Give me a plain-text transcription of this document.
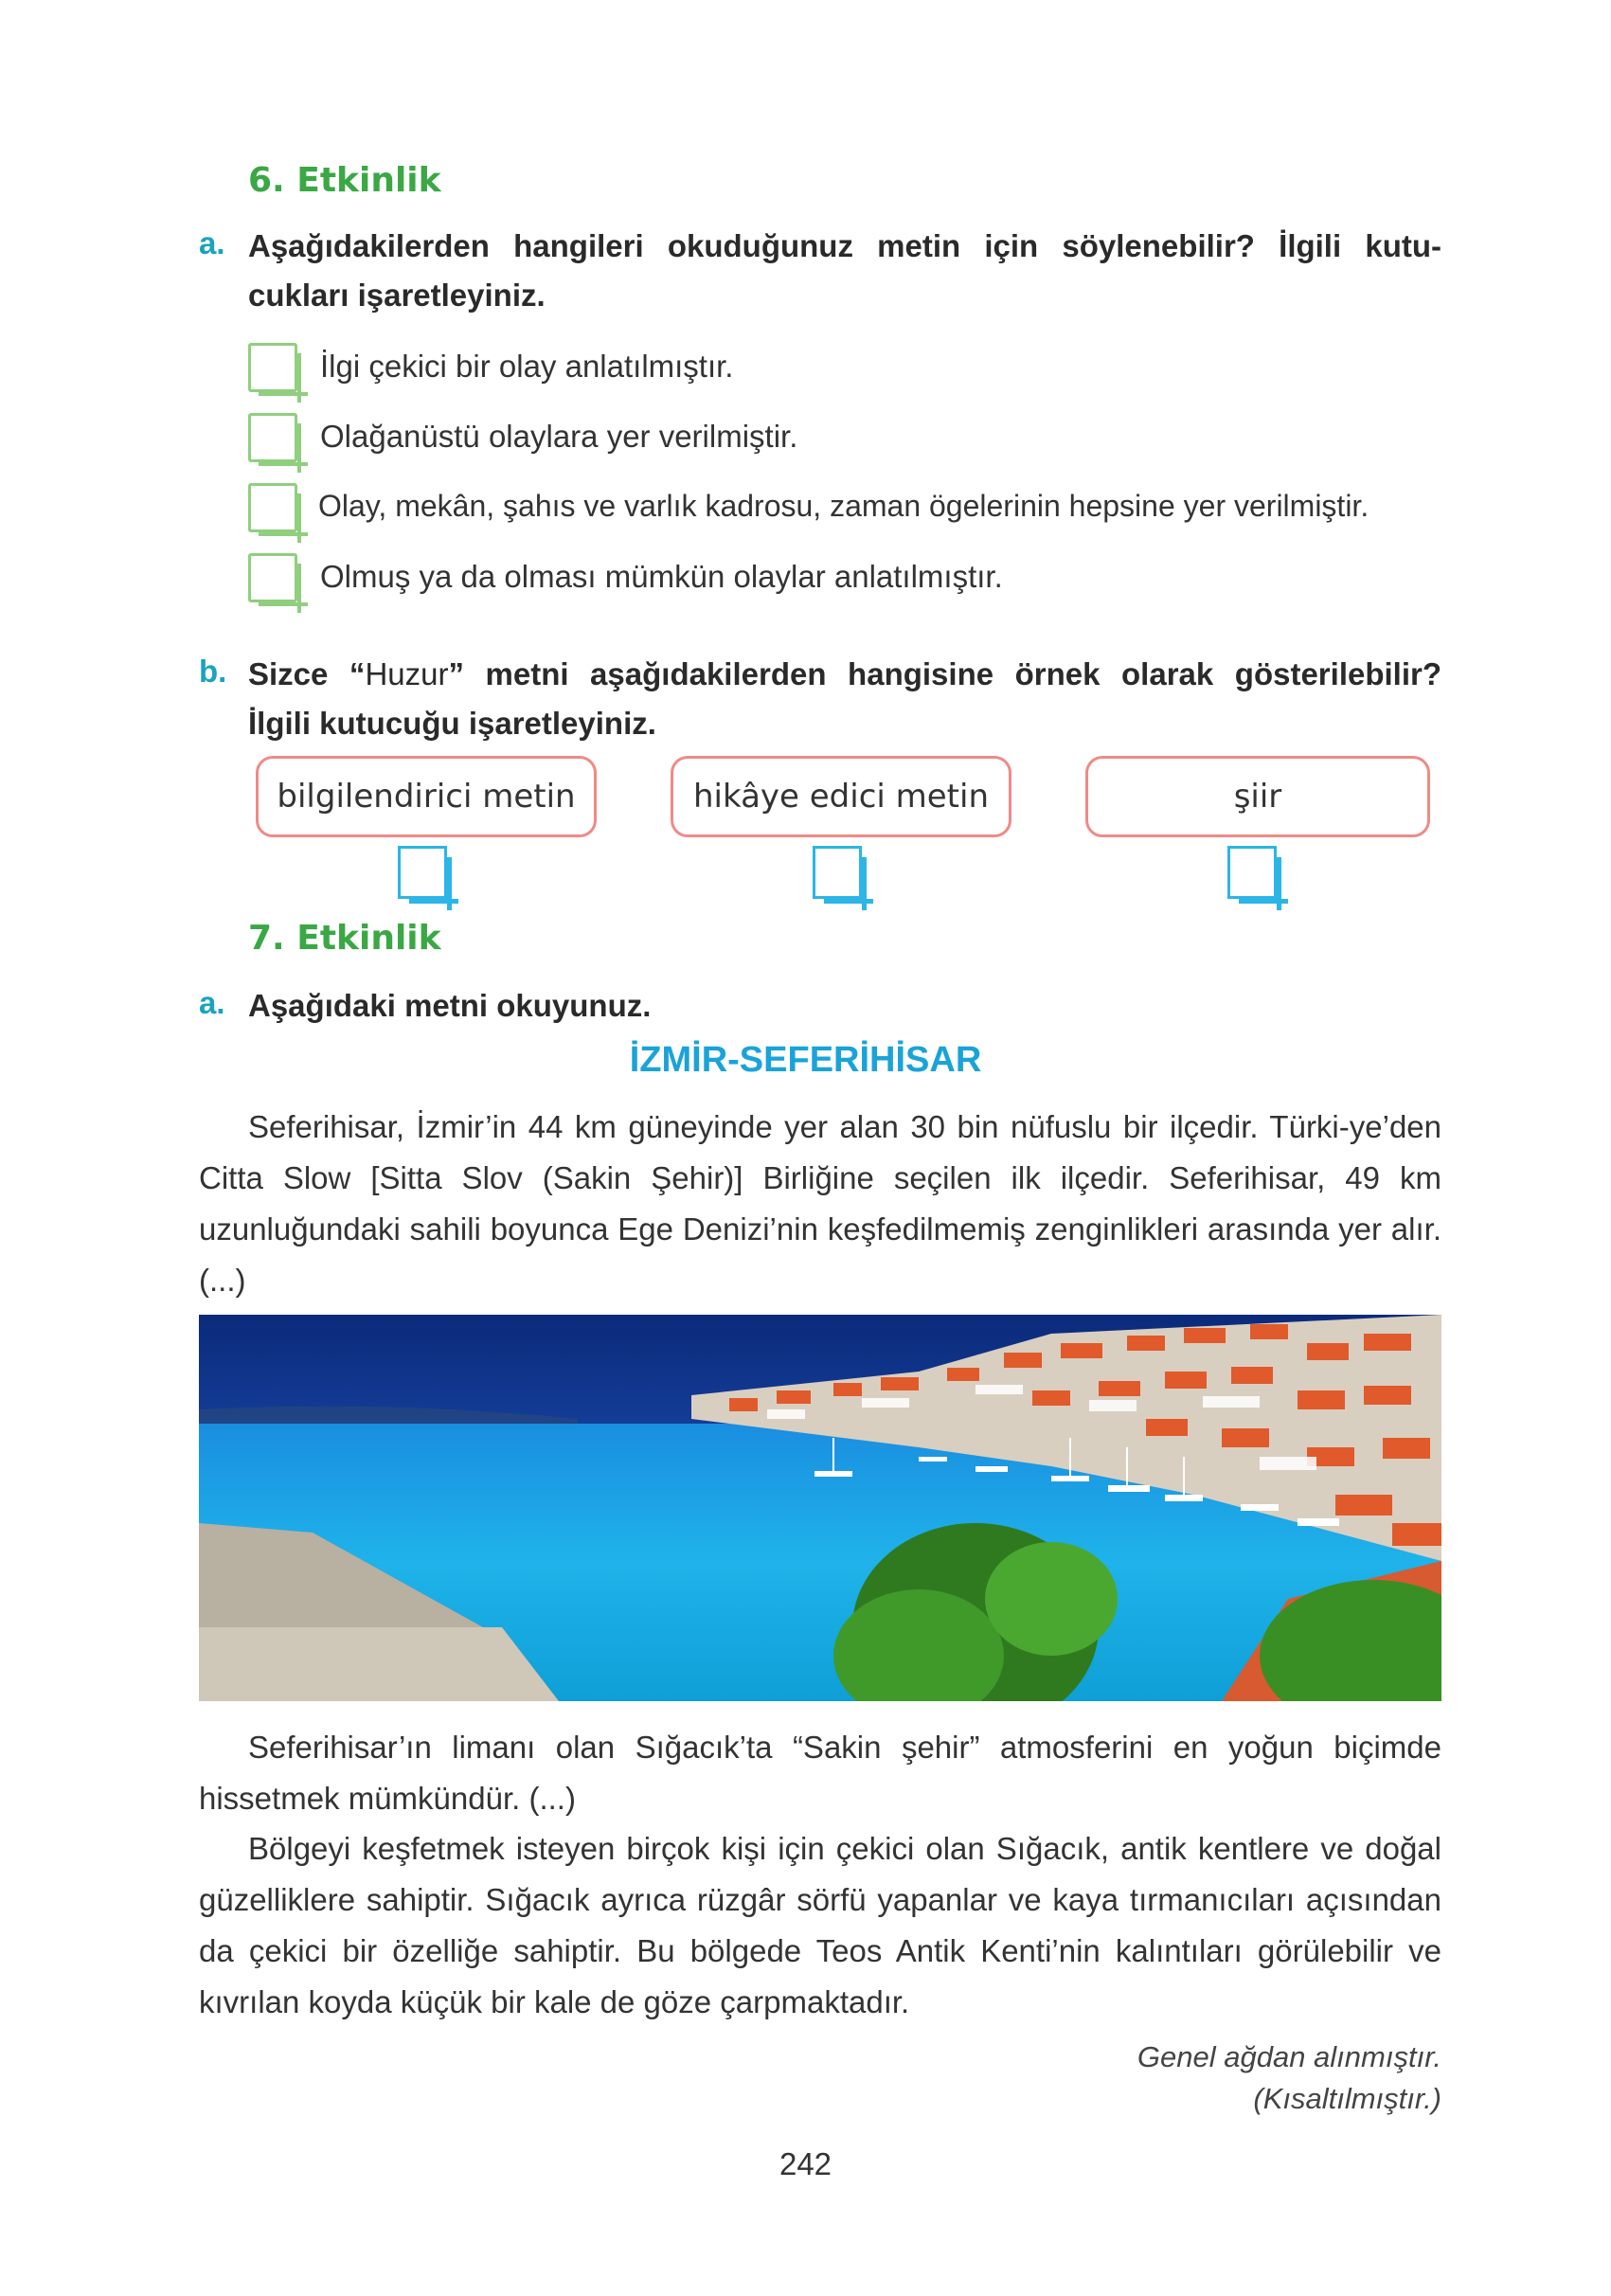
6. Etkinlik
a. Aşağıdakilerden hangileri okuduğunuz metin için söylenebilir? İlgili kutu-
cukları işaretleyiniz.
İlgi çekici bir olay anlatılmıştır.
Olağanüstü olaylara yer verilmiştir.
Olay, mekân, şahıs ve varlık kadrosu, zaman ögelerinin hepsine yer verilmiştir.
Olmuş ya da olması mümkün olaylar anlatılmıştır.
b. Sizce “Huzur” metni aşağıdakilerden hangisine örnek olarak gösterilebilir?
İlgili kutucuğu işaretleyiniz.
bilgilendirici metin	hikâye edici metin	şiir
7. Etkinlik
a. Aşağıdaki metni okuyunuz.
İZMİR-SEFERİHİSAR
Seferihisar, İzmir’in 44 km güneyinde yer alan 30 bin nüfuslu bir ilçedir. Türki-ye’den Citta Slow [Sitta Slov (Sakin Şehir)] Birliğine seçilen ilk ilçedir. Seferihisar, 49 km uzunluğundaki sahili boyunca Ege Denizi’nin keşfedilmemiş zenginlikleri arasında yer alır. (...)
Seferihisar’ın limanı olan Sığacık’ta “Sakin şehir” atmosferini en yoğun biçimde hissetmek mümkündür. (...)
Bölgeyi keşfetmek isteyen birçok kişi için çekici olan Sığacık, antik kentlere ve doğal güzelliklere sahiptir. Sığacık ayrıca rüzgâr sörfü yapanlar ve kaya tırmanıcıları açısından da çekici bir özelliğe sahiptir. Bu bölgede Teos Antik Kenti’nin kalıntıları görülebilir ve kıvrılan koyda küçük bir kale de göze çarpmaktadır.
Genel ağdan alınmıştır.
(Kısaltılmıştır.)
242
